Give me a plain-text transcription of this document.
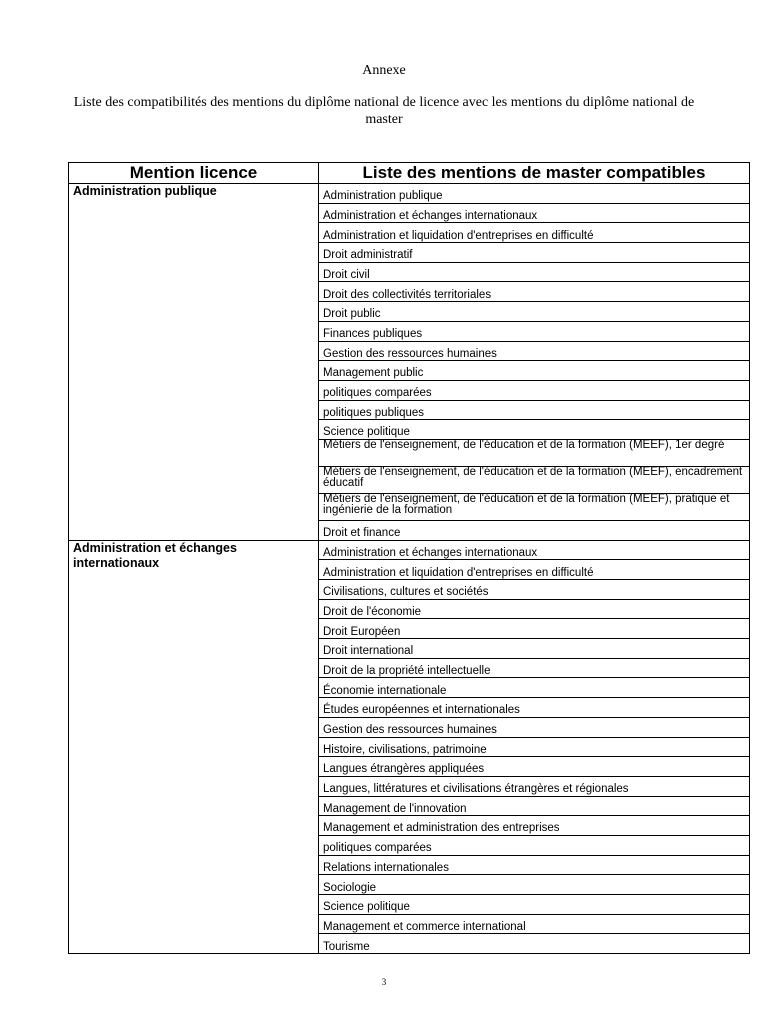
Annexe
Liste des compatibilités des mentions du diplôme national de licence avec les mentions du diplôme national de master
Mention licence	Liste des mentions de master compatibles
Administration publique	Administration publique
	Administration et échanges internationaux
	Administration et liquidation d'entreprises en difficulté
	Droit administratif
	Droit civil
	Droit des collectivités territoriales
	Droit public
	Finances publiques
	Gestion des ressources humaines
	Management public
	politiques comparées
	politiques publiques
	Science politique
	Métiers de l'enseignement, de l'éducation et de la formation (MEEF), 1er degré
	Métiers de l'enseignement, de l'éducation et de la formation (MEEF), encadrement éducatif
	Métiers de l'enseignement, de l'éducation et de la formation (MEEF), pratique et ingénierie de la formation
	Droit et finance
Administration et échanges internationaux	Administration et échanges internationaux
	Administration et liquidation d'entreprises en difficulté
	Civilisations, cultures et sociétés
	Droit de l'économie
	Droit Européen
	Droit international
	Droit de la propriété intellectuelle
	Économie internationale
	Études européennes et internationales
	Gestion des ressources humaines
	Histoire, civilisations, patrimoine
	Langues étrangères appliquées
	Langues, littératures et civilisations étrangères et régionales
	Management de l'innovation
	Management et administration des entreprises
	politiques comparées
	Relations internationales
	Sociologie
	Science politique
	Management et commerce international
	Tourisme
3
